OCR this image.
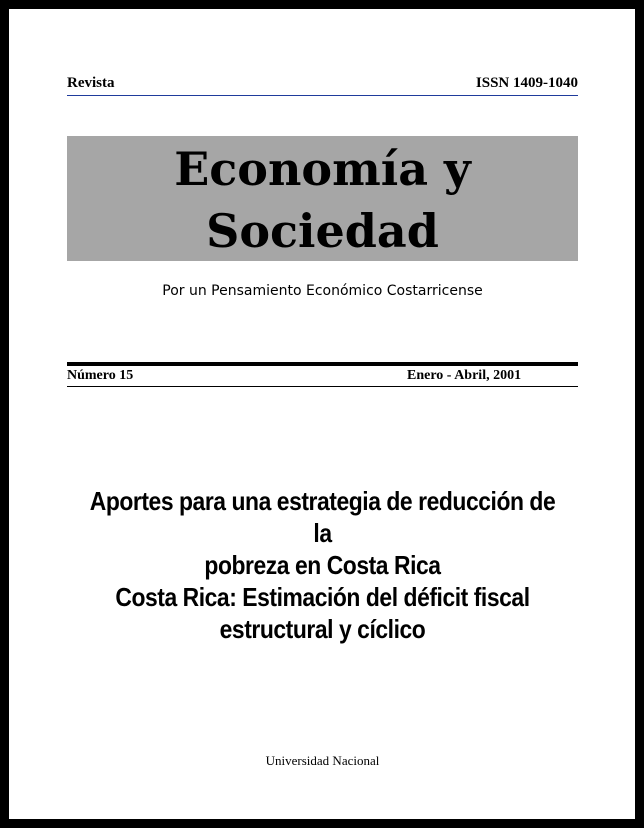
Revista	ISSN 1409-1040
Economía y
Sociedad
Por un Pensamiento Económico Costarricense
Número 15	Enero - Abril, 2001
Aportes para una estrategia de reducción de la
pobreza en Costa Rica
Costa Rica: Estimación del déficit fiscal
estructural y cíclico
Universidad Nacional
